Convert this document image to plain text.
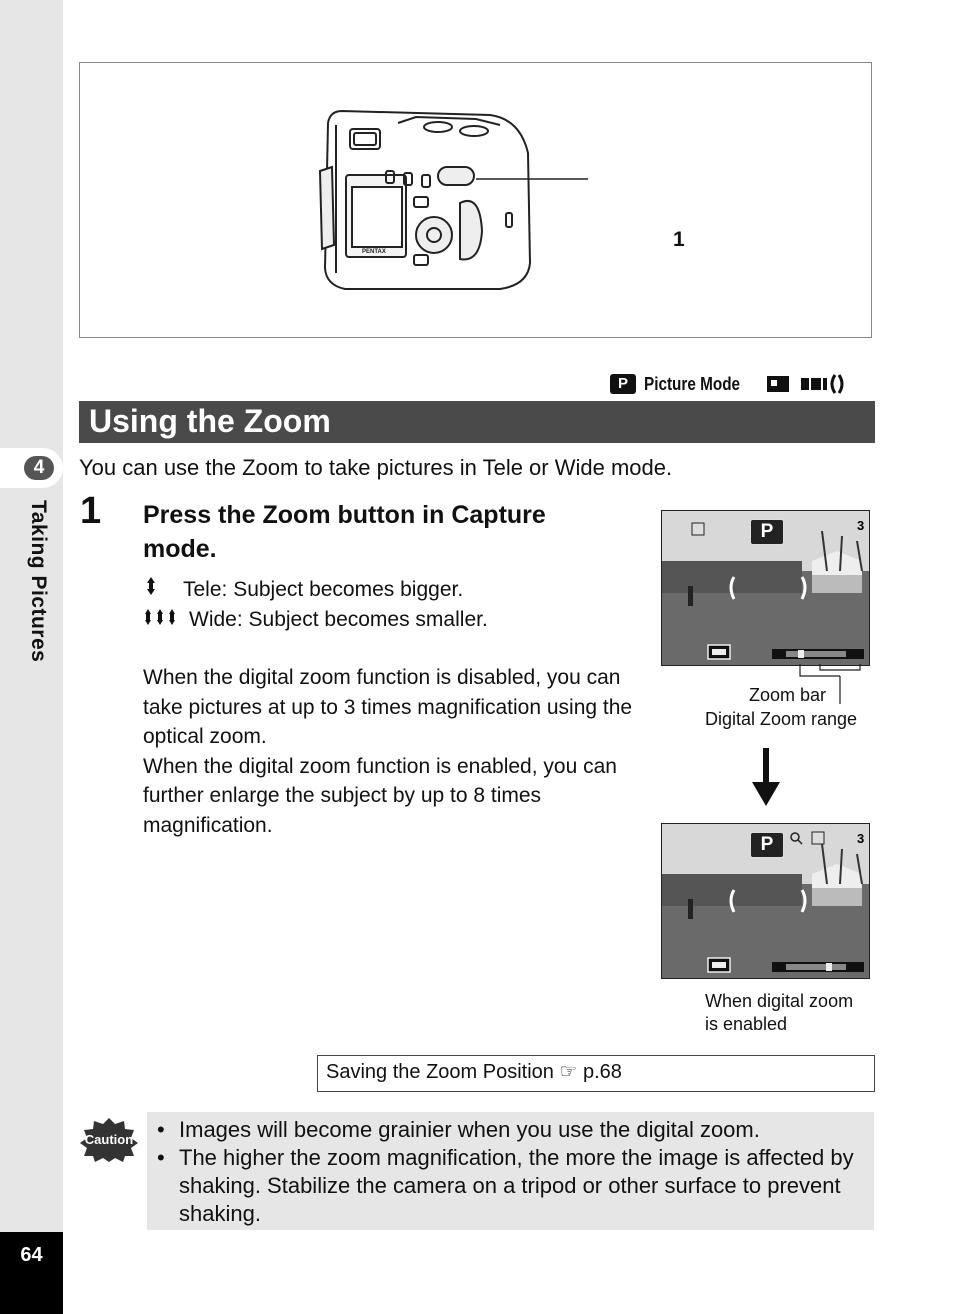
4
Taking Pictures
64
PENTAX
1
P Picture Mode
Using the Zoom
You can use the Zoom to take pictures in Tele or Wide mode.
1 Press the Zoom button in Capture mode.
Tele: Subject becomes bigger.
Wide: Subject becomes smaller.
When the digital zoom function is disabled, you can take pictures at up to 3 times magnification using the optical zoom.
When the digital zoom function is enabled, you can further enlarge the subject by up to 8 times magnification.
P	3
Zoom bar
Digital Zoom range
P	3
When digital zoom
is enabled
Saving the Zoom Position ☞ p.68
Caution
•	Images will become grainier when you use the digital zoom.
• The higher the zoom magnification, the more the image is affected by shaking. Stabilize the camera on a tripod or other surface to prevent shaking.
